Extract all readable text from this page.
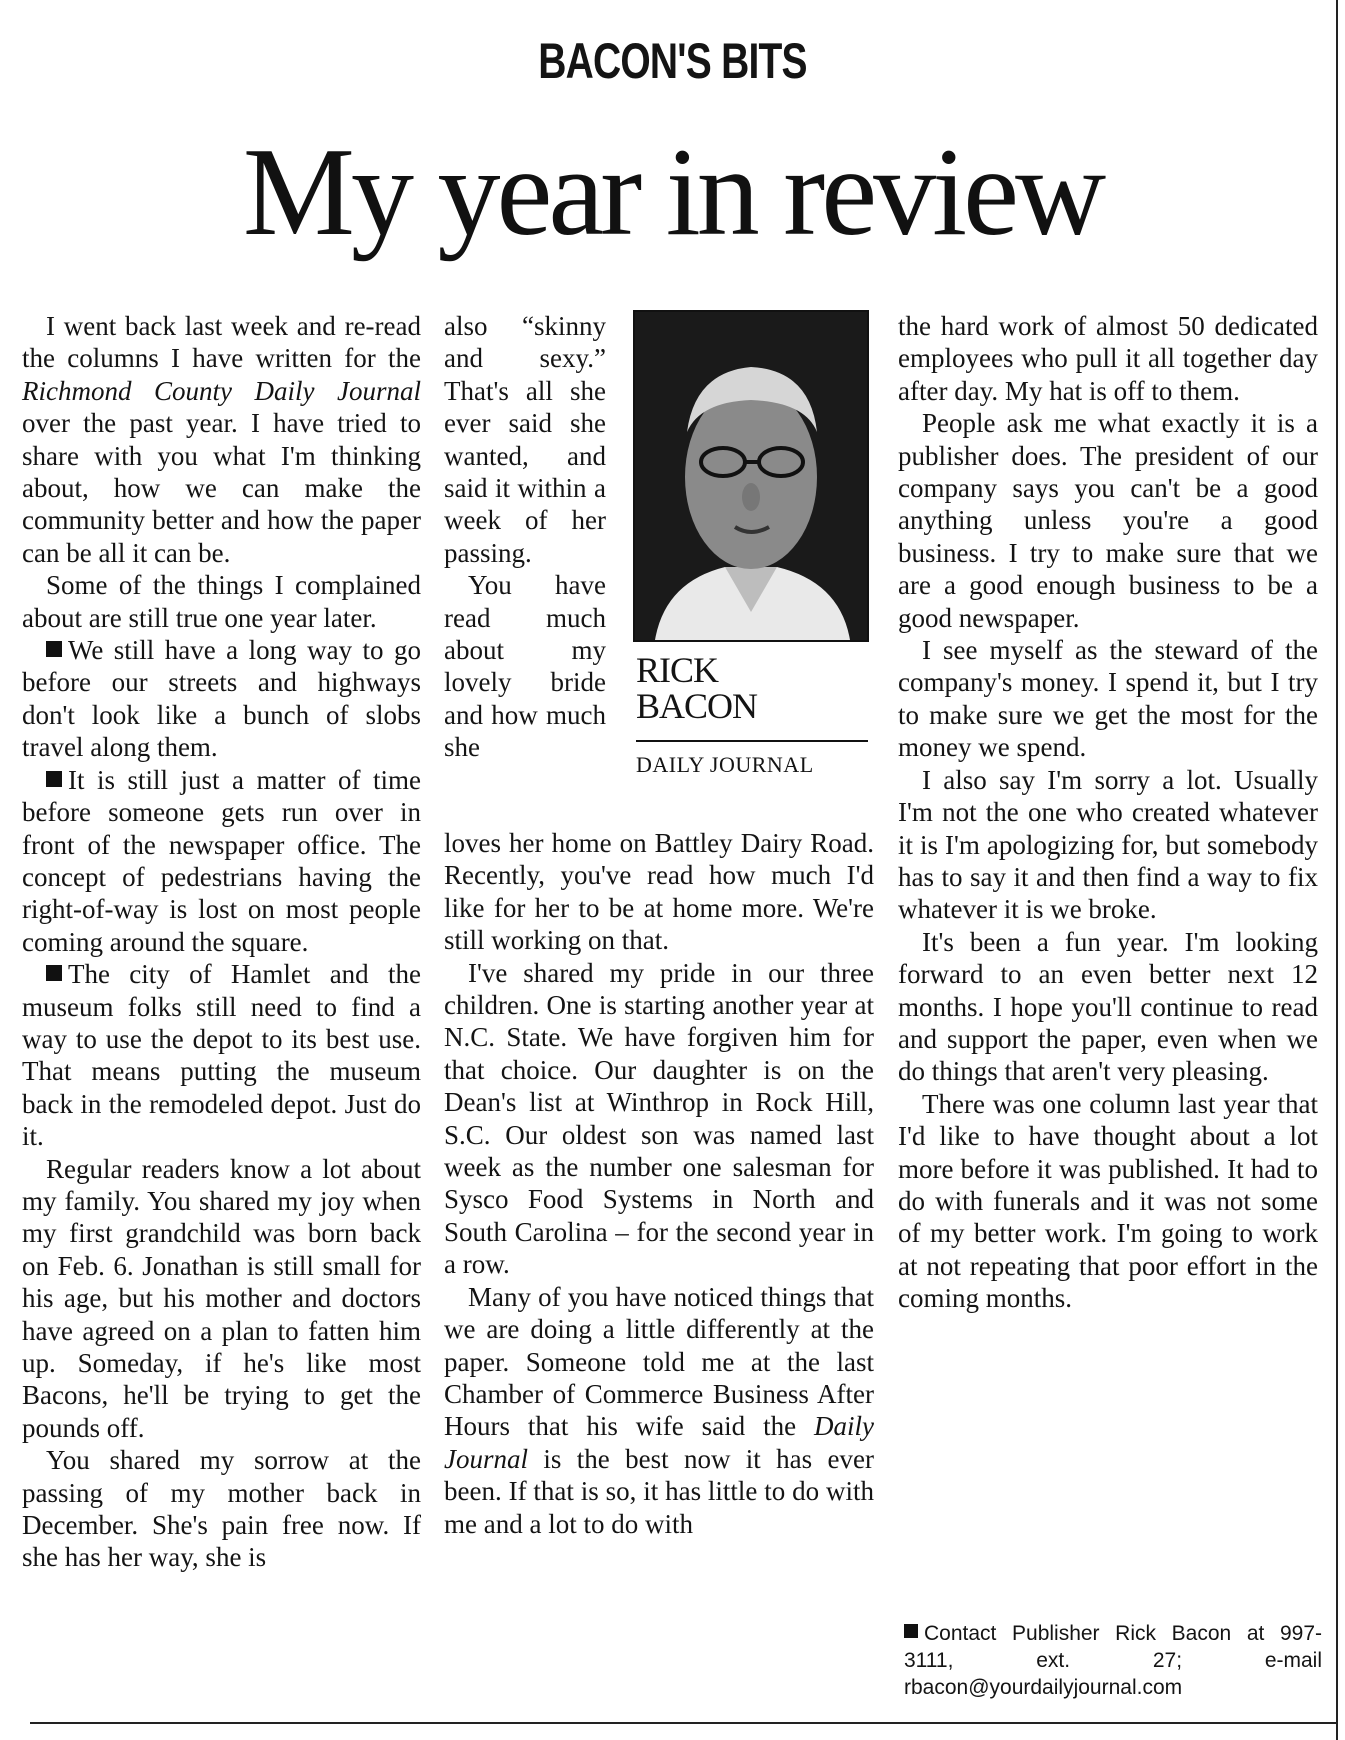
BACON'S BITS
My year in review

I went back last week and re-read the columns I have written for the Richmond County Daily Journal over the past year. I have tried to share with you what I'm thinking about, how we can make the community better and how the paper can be all it can be.

Some of the things I complained about are still true one year later.

We still have a long way to go before our streets and highways don't look like a bunch of slobs travel along them.

It is still just a matter of time before someone gets run over in front of the newspaper office. The concept of pedestrians having the right-of-way is lost on most people coming around the square.

The city of Hamlet and the museum folks still need to find a way to use the depot to its best use. That means putting the museum back in the remodeled depot. Just do it.

Regular readers know a lot about my family. You shared my joy when my first grandchild was born back on Feb. 6. Jonathan is still small for his age, but his mother and doctors have agreed on a plan to fatten him up. Someday, if he's like most Bacons, he'll be trying to get the pounds off.

You shared my sorrow at the passing of my mother back in December. She's pain free now. If she has her way, she is

also “skinny and sexy.” That's all she ever said she wanted, and said it within a week of her passing.

You have read much about my lovely bride and how much she

RICK
BACON
DAILY JOURNAL

loves her home on Battley Dairy Road. Recently, you've read how much I'd like for her to be at home more. We're still working on that.

I've shared my pride in our three children. One is starting another year at N.C. State. We have forgiven him for that choice. Our daughter is on the Dean's list at Winthrop in Rock Hill, S.C. Our oldest son was named last week as the number one salesman for Sysco Food Systems in North and South Carolina – for the second year in a row.

Many of you have noticed things that we are doing a little differently at the paper. Someone told me at the last Chamber of Commerce Business After Hours that his wife said the Daily Journal is the best now it has ever been. If that is so, it has little to do with me and a lot to do with

the hard work of almost 50 dedicated employees who pull it all together day after day. My hat is off to them.

People ask me what exactly it is a publisher does. The president of our company says you can't be a good anything unless you're a good business. I try to make sure that we are a good enough business to be a good newspaper.

I see myself as the steward of the company's money. I spend it, but I try to make sure we get the most for the money we spend.

I also say I'm sorry a lot. Usually I'm not the one who created whatever it is I'm apologizing for, but somebody has to say it and then find a way to fix whatever it is we broke.

It's been a fun year. I'm looking forward to an even better next 12 months. I hope you'll continue to read and support the paper, even when we do things that aren't very pleasing.

There was one column last year that I'd like to have thought about a lot more before it was published. It had to do with funerals and it was not some of my better work. I'm going to work at not repeating that poor effort in the coming months.

Contact Publisher Rick Bacon at 997-3111, ext. 27; e-mail rbacon@yourdailyjournal.com
